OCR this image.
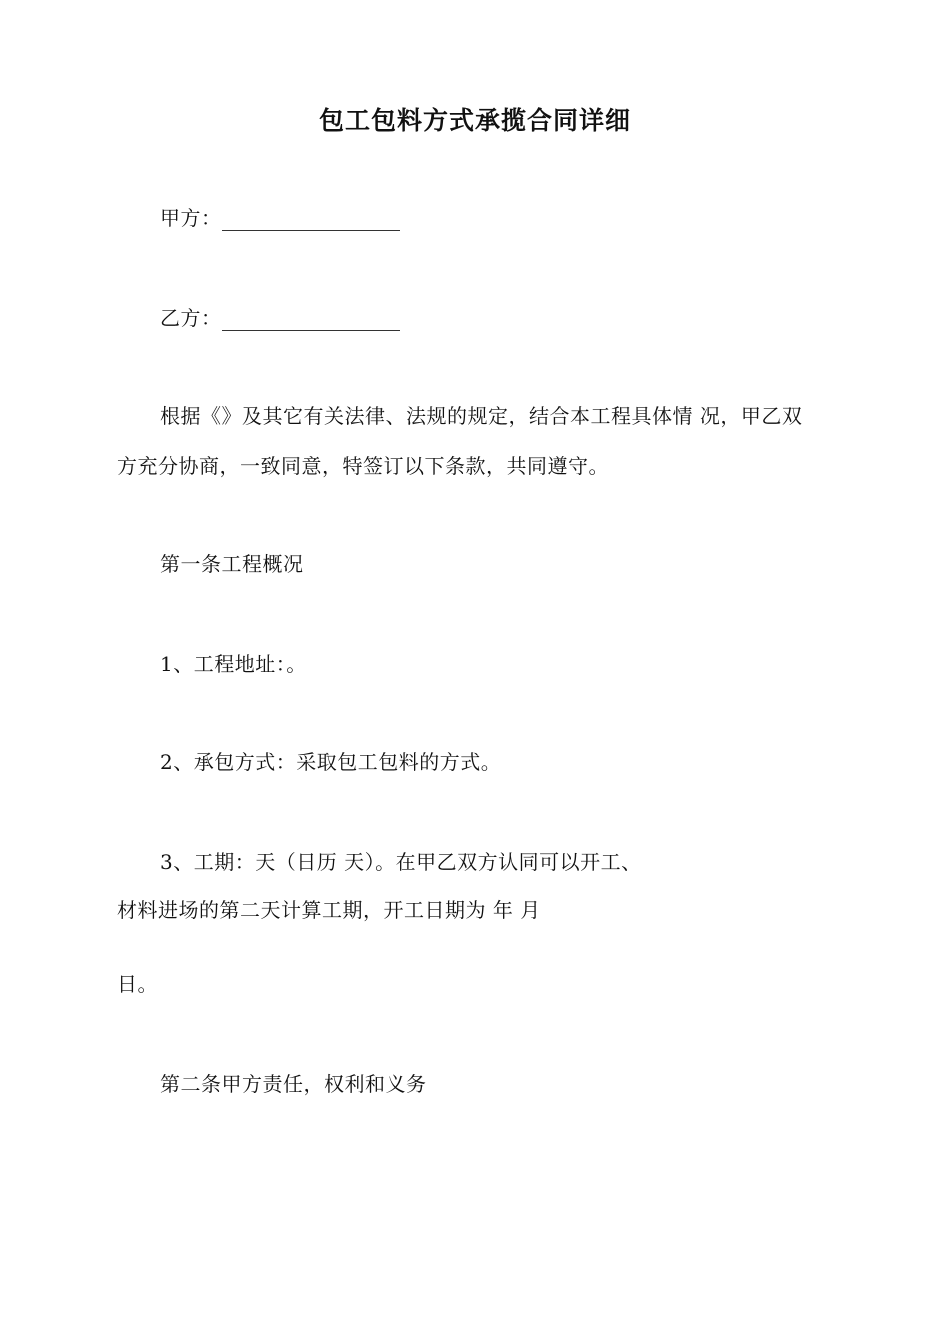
包工包料方式承揽合同详细
甲方：
乙方：
根据《》及其它有关法律、法规的规定，结合本工程具体情 况，甲乙双
方充分协商，一致同意，特签订以下条款，共同遵守。
第一条工程概况
1、工程地址：。
2、承包方式：采取包工包料的方式。
3、工期：天（日历 天）。在甲乙双方认同可以开工、
材料进场的第二天计算工期，开工日期为 年 月
日。
第二条甲方责任，权利和义务
